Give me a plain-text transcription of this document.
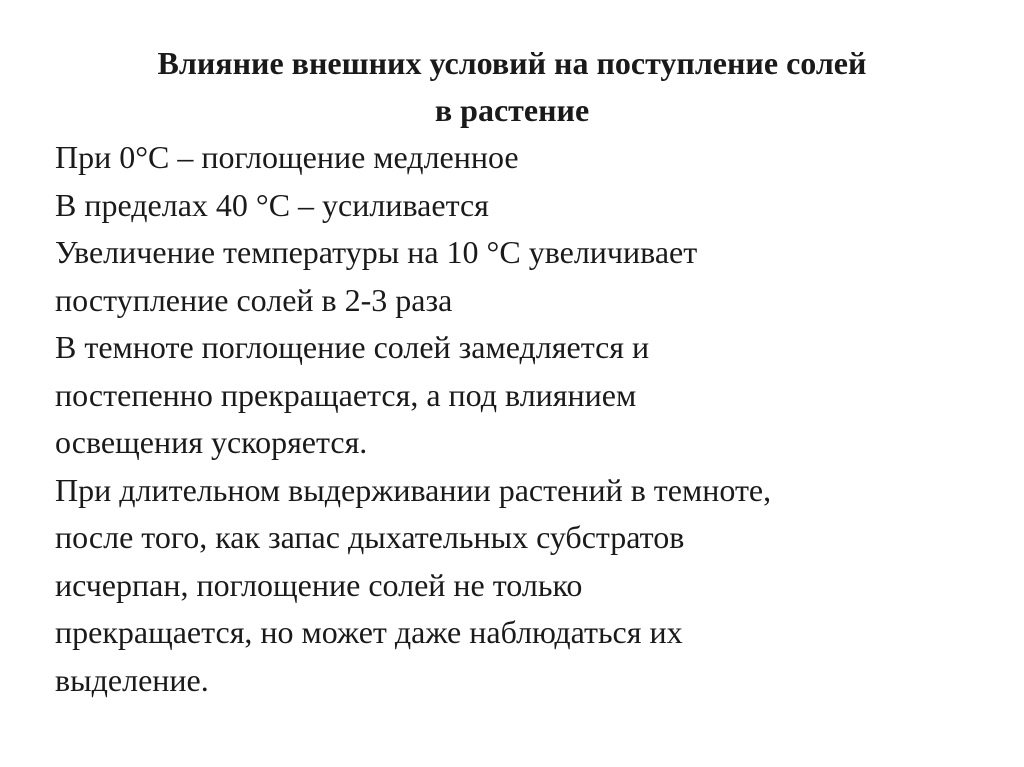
Влияние внешних условий на поступление солей
в растение
При 0°С – поглощение медленное
В пределах 40 °С – усиливается
Увеличение температуры на 10 °С увеличивает
поступление солей в 2-3 раза
В темноте поглощение солей замедляется и
постепенно прекращается, а под влиянием
освещения ускоряется.
При длительном выдерживании растений в темноте,
после того, как запас дыхательных субстратов
исчерпан, поглощение солей не только
прекращается, но может даже наблюдаться их
выделение.
